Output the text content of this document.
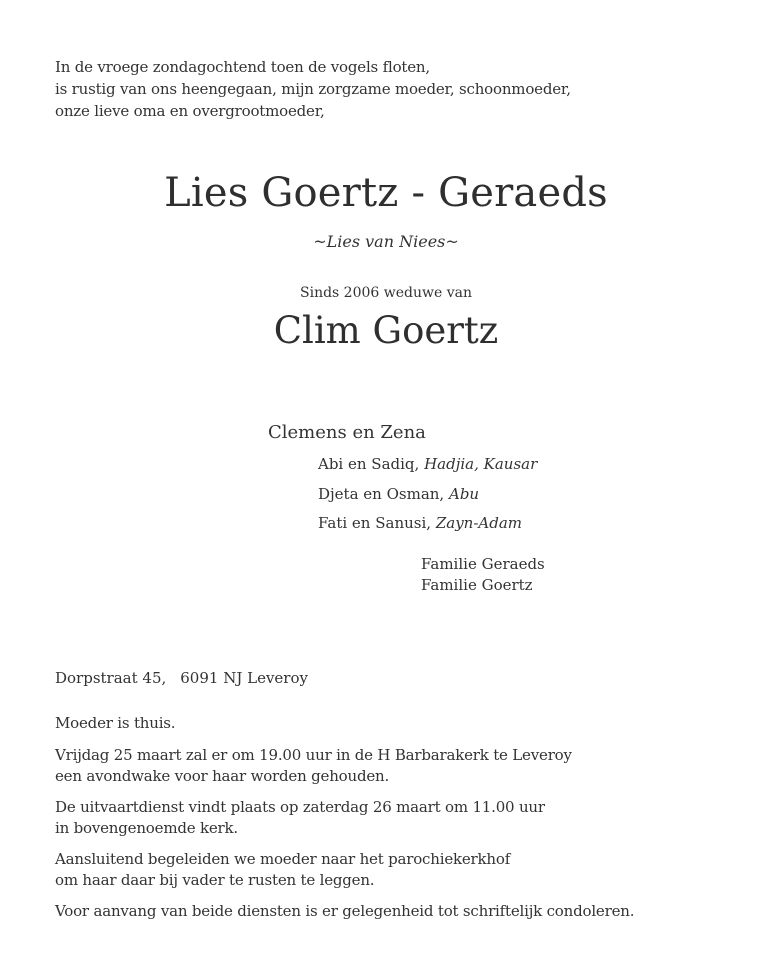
In de vroege zondagochtend toen de vogels floten,
is rustig van ons heengegaan, mijn zorgzame moeder, schoonmoeder,
onze lieve oma en overgrootmoeder,
Lies Goertz - Geraeds
~Lies van Niees~
Sinds 2006 weduwe van
Clim Goertz
Clemens en Zena
Abi en Sadiq, Hadjia, Kausar
Djeta en Osman, Abu
Fati en Sanusi, Zayn-Adam
Familie Geraeds
Familie Goertz
Dorpstraat 45, 6091 NJ Leveroy
Moeder is thuis.
Vrijdag 25 maart zal er om 19.00 uur in de H Barbarakerk te Leveroy
een avondwake voor haar worden gehouden.
De uitvaartdienst vindt plaats op zaterdag 26 maart om 11.00 uur
in bovengenoemde kerk.
Aansluitend begeleiden we moeder naar het parochiekerkhof
om haar daar bij vader te rusten te leggen.
Voor aanvang van beide diensten is er gelegenheid tot schriftelijk condoleren.
